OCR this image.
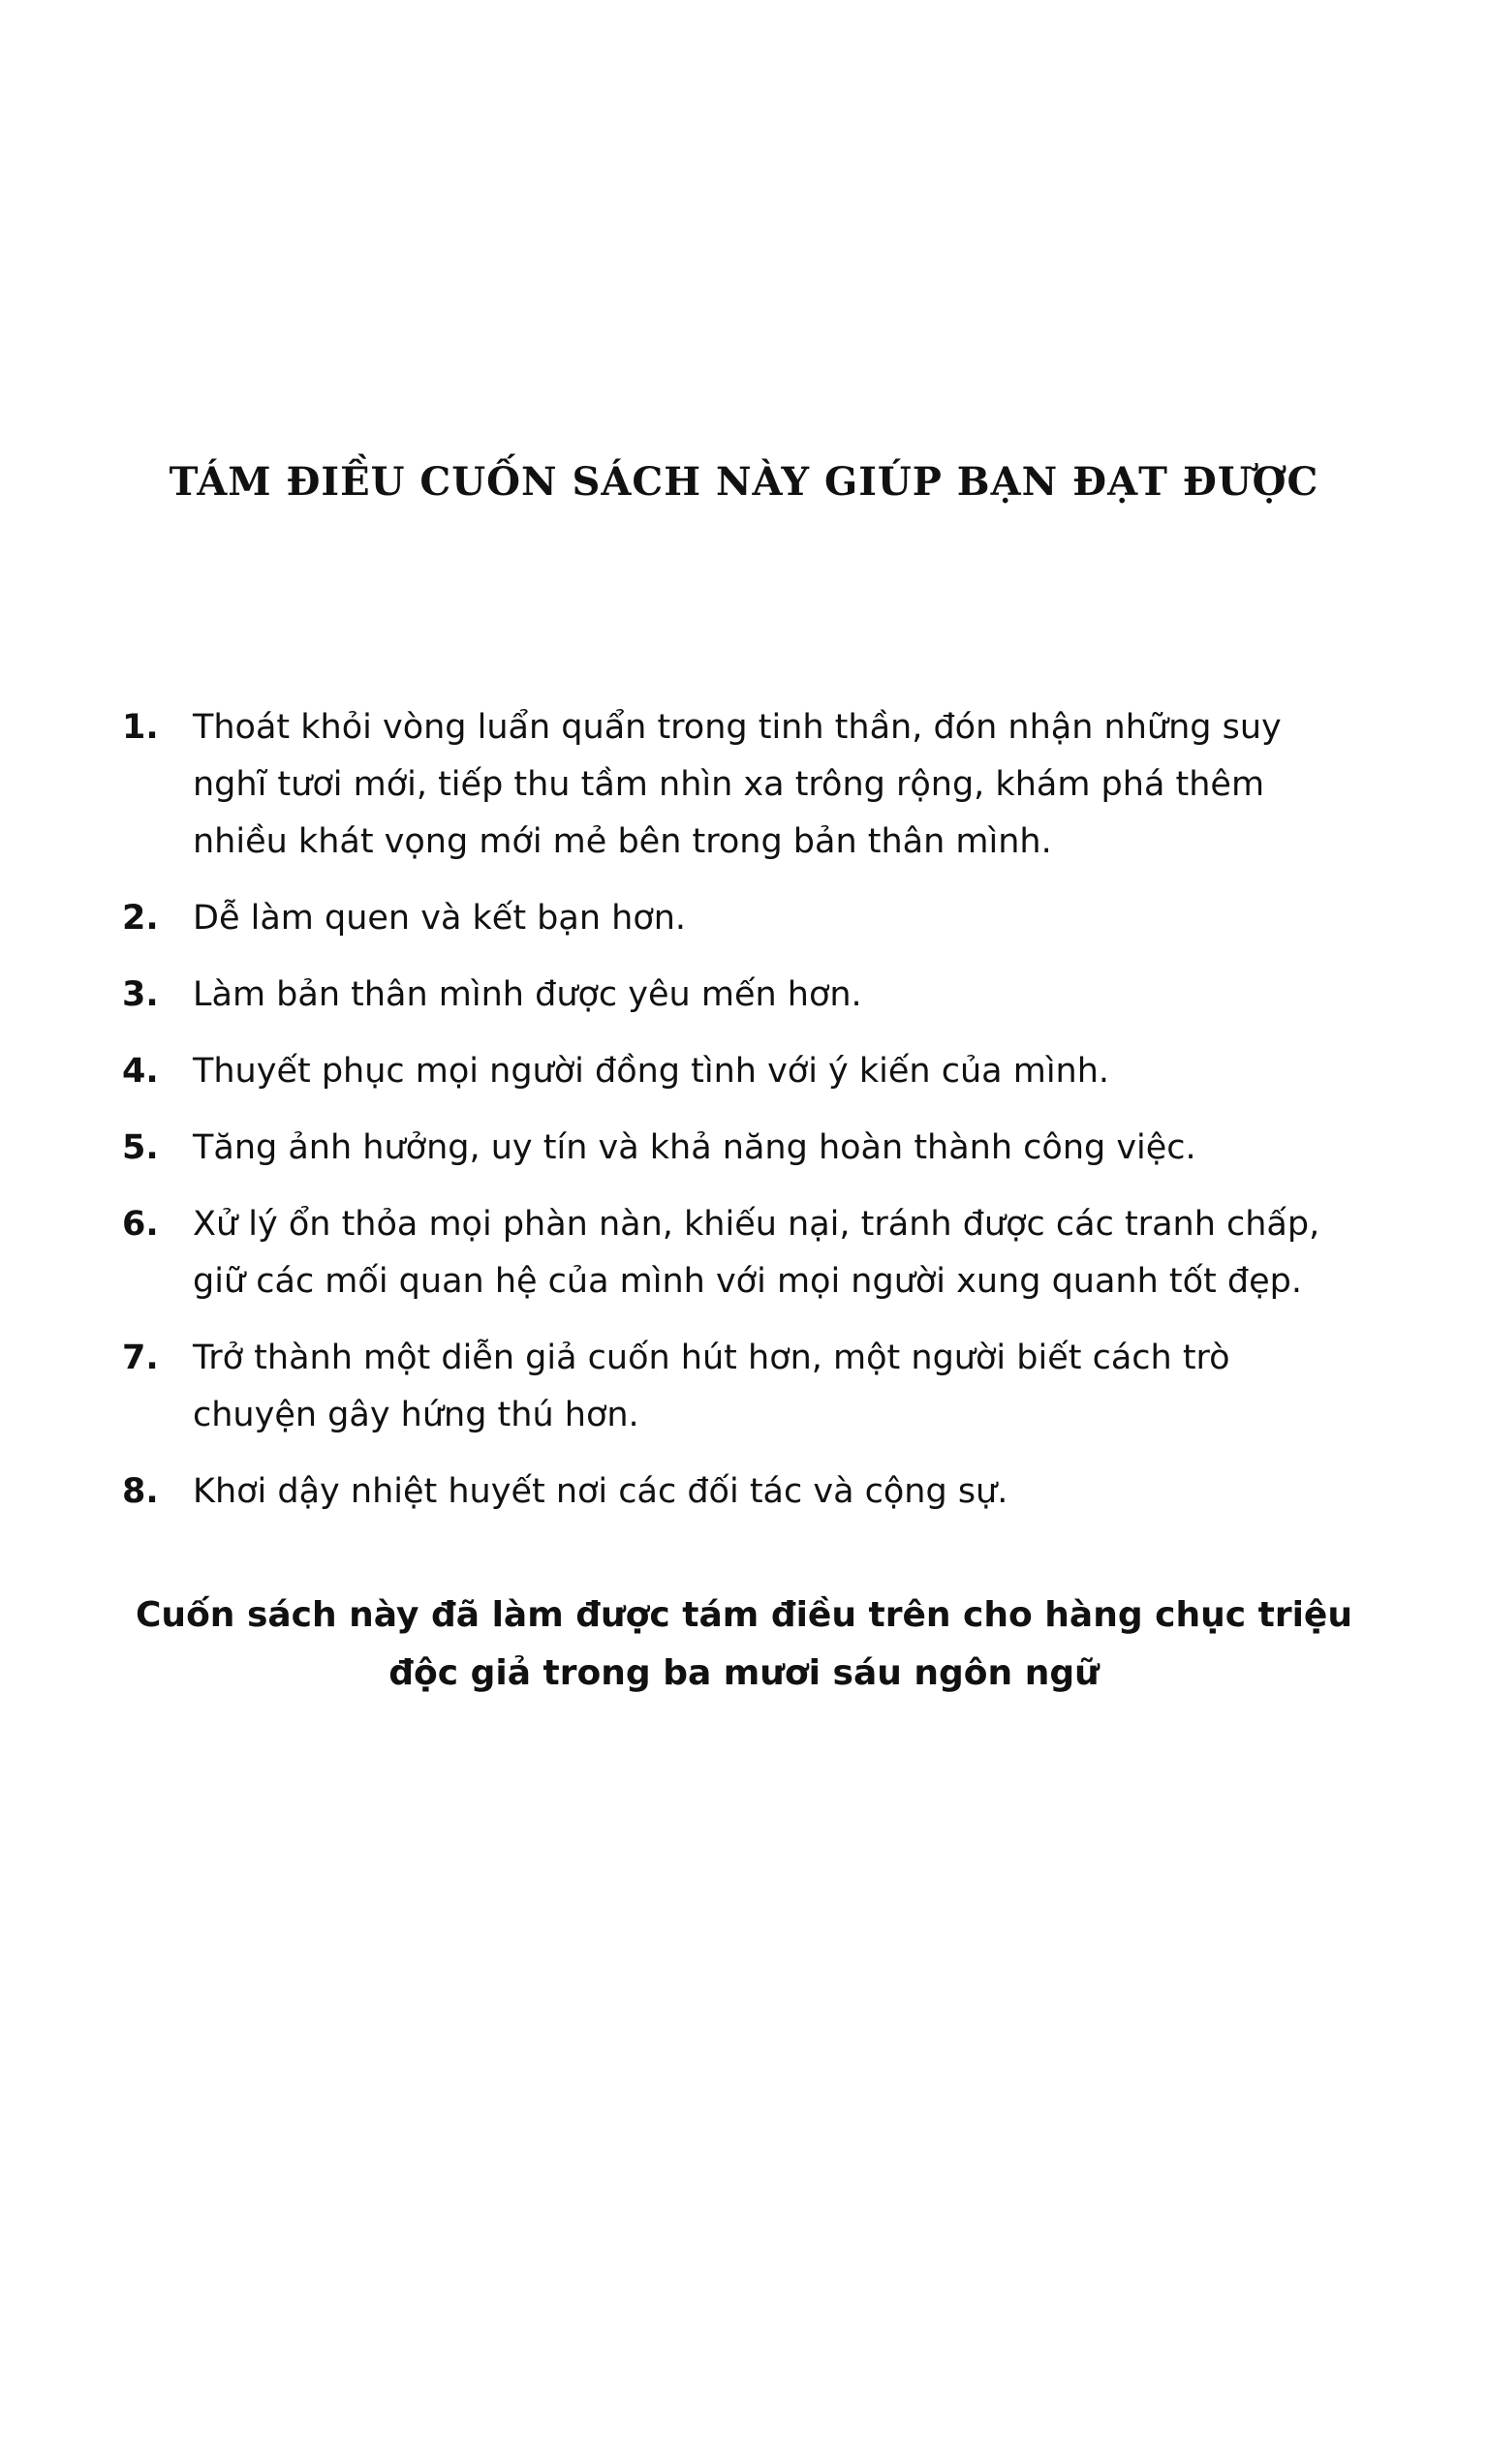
TÁM ĐIỀU CUỐN SÁCH NÀY GIÚP BẠN ĐẠT ĐƯỢC
1. Thoát khỏi vòng luẩn quẩn trong tinh thần, đón nhận những suy
nghĩ tươi mới, tiếp thu tầm nhìn xa trông rộng, khám phá thêm
nhiều khát vọng mới mẻ bên trong bản thân mình.
2. Dễ làm quen và kết bạn hơn.
3. Làm bản thân mình được yêu mến hơn.
4. Thuyết phục mọi người đồng tình với ý kiến của mình.
5. Tăng ảnh hưởng, uy tín và khả năng hoàn thành công việc.
6. Xử lý ổn thỏa mọi phàn nàn, khiếu nại, tránh được các tranh chấp,
giữ các mối quan hệ của mình với mọi người xung quanh tốt đẹp.
7. Trở thành một diễn giả cuốn hút hơn, một người biết cách trò
chuyện gây hứng thú hơn.
8. Khơi dậy nhiệt huyết nơi các đối tác và cộng sự.
Cuốn sách này đã làm được tám điều trên cho hàng chục triệu
độc giả trong ba mươi sáu ngôn ngữ
